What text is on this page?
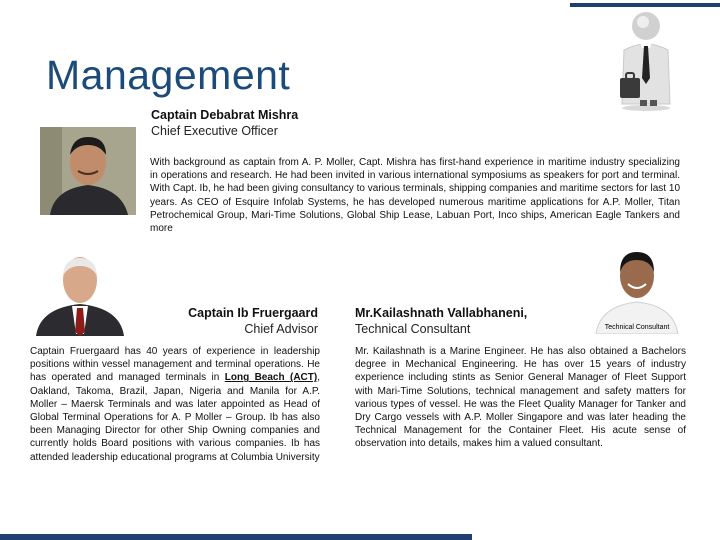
Management
Captain Debabrat Mishra
Chief Executive Officer
With background as captain from A. P. Moller, Capt. Mishra has first-hand experience in maritime industry specializing in operations and research. He had been invited in various international symposiums as speakers for port and terminal. With Capt. Ib, he had been giving consultancy to various terminals, shipping companies and maritime sectors for last 10 years. As CEO of Esquire Infolab Systems, he has developed numerous maritime applications for A.P. Moller, Titan Petrochemical Group, Mari-Time Solutions, Global Ship Lease, Labuan Port, Inco ships, American Eagle Tankers and more
Captain Ib Fruergaard
Chief Advisor
Captain Fruergaard has 40 years of experience in leadership positions within vessel management and terminal operations. He has operated and managed terminals in Long Beach (ACT), Oakland, Takoma, Brazil, Japan, Nigeria and Manila for A.P. Moller – Maersk Terminals and was later appointed as Head of Global Terminal Operations for A. P Moller – Group. Ib has also been Managing Director for other Ship Owning companies and currently holds Board positions with various companies. Ib has attended leadership educational programs at Columbia University
Mr.Kailashnath Vallabhaneni,
Technical Consultant	Technical Consultant
Mr. Kailashnath is a Marine Engineer. He has also obtained a Bachelors degree in Mechanical Engineering. He has over 15 years of industry experience including stints as Senior General Manager of Fleet Support with Mari-Time Solutions, technical management and safety matters for various types of vessel. He was the Fleet Quality Manager for Tanker and Dry Cargo vessels with A.P. Moller Singapore and was later heading the Technical Management for the Container Fleet. His acute sense of observation into details, makes him a valued consultant.
